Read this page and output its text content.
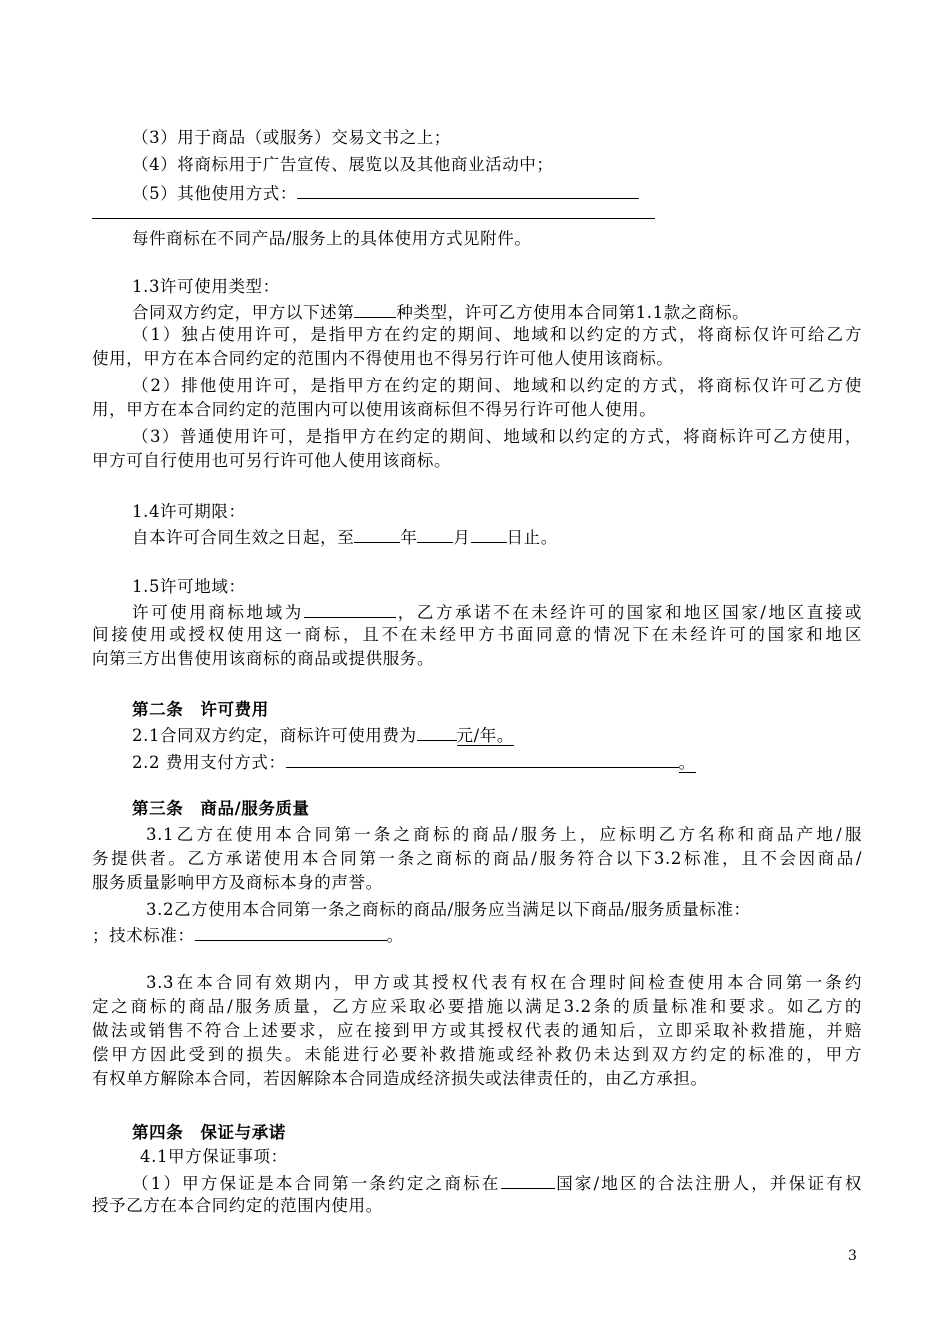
（3）用于商品（或服务）交易文书之上；
（4）将商标用于广告宣传、展览以及其他商业活动中；
（5）其他使用方式：
每件商标在不同产品/服务上的具体使用方式见附件。
1.3许可使用类型：
合同双方约定，甲方以下述第	种类型，许可乙方使用本合同第1.1款之商标。
（1）独占使用许可，是指甲方在约定的期间、地域和以约定的方式，将商标仅许可给乙方
使用，甲方在本合同约定的范围内不得使用也不得另行许可他人使用该商标。
（2）排他使用许可，是指甲方在约定的期间、地域和以约定的方式，将商标仅许可乙方使
用，甲方在本合同约定的范围内可以使用该商标但不得另行许可他人使用。
（3）普通使用许可，是指甲方在约定的期间、地域和以约定的方式，将商标许可乙方使用，
甲方可自行使用也可另行许可他人使用该商标。
1.4许可期限：
自本许可合同生效之日起，至	年 月 日止。
1.5许可地域：
许可使用商标地域为	，乙方承诺不在未经许可的国家和地区国家/地区直接或
间接使用或授权使用这一商标，且不在未经甲方书面同意的情况下在未经许可的国家和地区
向第三方出售使用该商标的商品或提供服务。
第二条　许可费用
2.1合同双方约定，商标许可使用费为 元/年。
2.2 费用支付方式：	。
第三条　商品/服务质量
3.1乙方在使用本合同第一条之商标的商品/服务上，应标明乙方名称和商品产地/服
务提供者。乙方承诺使用本合同第一条之商标的商品/服务符合以下3.2标准，且不会因商品/
服务质量影响甲方及商标本身的声誉。
3.2乙方使用本合同第一条之商标的商品/服务应当满足以下商品/服务质量标准：
；技术标准：	。
3.3在本合同有效期内，甲方或其授权代表有权在合理时间检查使用本合同第一条约
定之商标的商品/服务质量，乙方应采取必要措施以满足3.2条的质量标准和要求。如乙方的
做法或销售不符合上述要求，应在接到甲方或其授权代表的通知后，立即采取补救措施，并赔
偿甲方因此受到的损失。未能进行必要补救措施或经补救仍未达到双方约定的标准的，甲方
有权单方解除本合同，若因解除本合同造成经济损失或法律责任的，由乙方承担。
第四条　保证与承诺
4.1甲方保证事项：
（1）甲方保证是本合同第一条约定之商标在	国家/地区的合法注册人，并保证有权
授予乙方在本合同约定的范围内使用。
3
